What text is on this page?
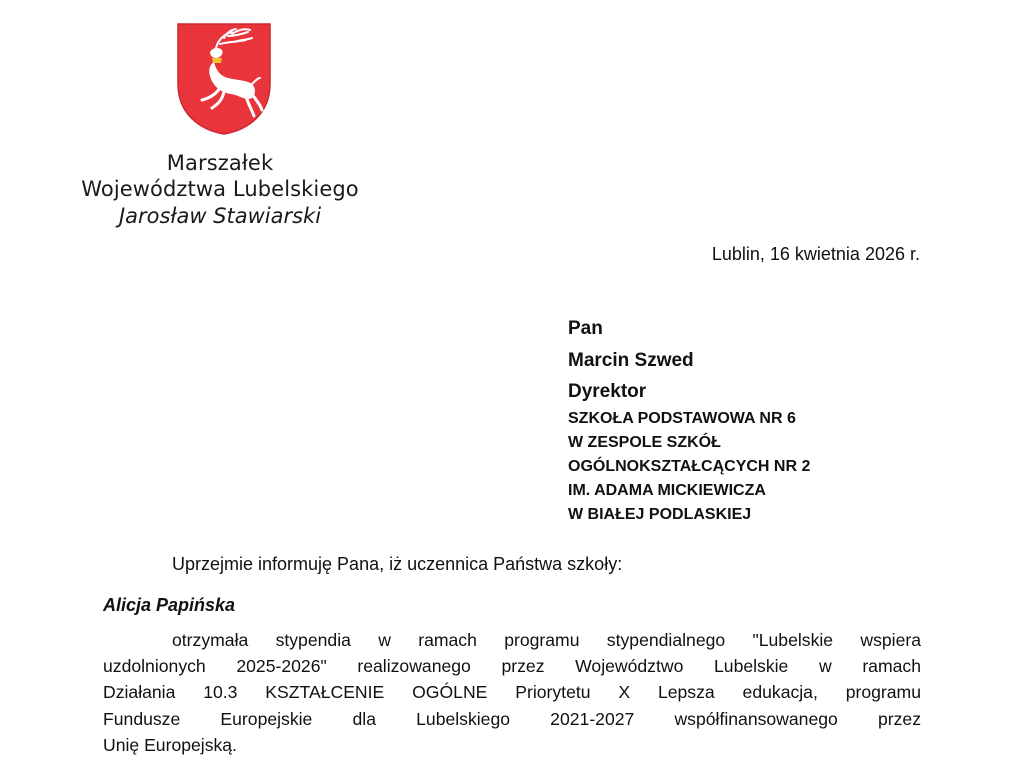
Marszałek
Województwa Lubelskiego
Jarosław Stawiarski
Lublin, 16 kwietnia 2026 r.
Pan
Marcin Szwed
Dyrektor
SZKOŁA PODSTAWOWA NR 6
W ZESPOLE SZKÓŁ
OGÓLNOKSZTAŁCĄCYCH NR 2
IM. ADAMA MICKIEWICZA
W BIAŁEJ PODLASKIEJ
Uprzejmie informuję Pana, iż uczennica Państwa szkoły:
Alicja Papińska
otrzymała stypendia w ramach programu stypendialnego "Lubelskie wspiera
uzdolnionych 2025-2026" realizowanego przez Województwo Lubelskie w ramach
Działania 10.3 KSZTAŁCENIE OGÓLNE Priorytetu X Lepsza edukacja, programu
Fundusze Europejskie dla Lubelskiego 2021-2027 współfinansowanego przez
Unię Europejską.
